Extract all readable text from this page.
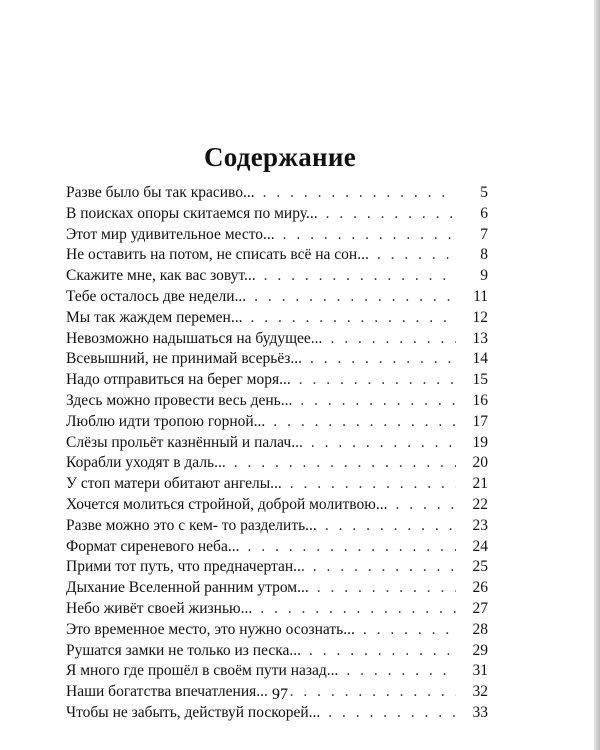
Содержание
Разве было бы так красиво... . . .	5
В поисках опоры скитаемся по миру... . . .	6
Этот мир удивительное место... . . .	7
Не оставить на потом, не списать всё на сон... . . .	8
Скажите мне, как вас зовут... . . .	9
Тебе осталось две недели... . . .	11
Мы так жаждем перемен... . . .	12
Невозможно надышаться на будущее... . . .	13
Всевышний, не принимай всерьёз... . . .	14
Надо отправиться на берег моря... . . .	15
Здесь можно провести весь день... . . .	16
Люблю идти тропою горной... . . .	17
Слёзы прольёт казнённый и палач... . . .	19
Корабли уходят в даль... . . .	20
У стоп матери обитают ангелы... . . .	21
Хочется молиться стройной, доброй молитвою... . . .	22
Разве можно это с кем- то разделить... . . .	23
Формат сиреневого неба... . . .	24
Прими тот путь, что предначертан... . . .	25
Дыхание Вселенной ранним утром... . . .	26
Небо живёт своей жизнью... . . .	27
Это временное место, это нужно осознать... . . .	28
Рушатся замки не только из песка... . . .	29
Я много где прошёл в своём пути назад... . . .	31
Наши богатства впечатления... . . .	32
Чтобы не забыть, действуй поскорей... . . .	33
97
